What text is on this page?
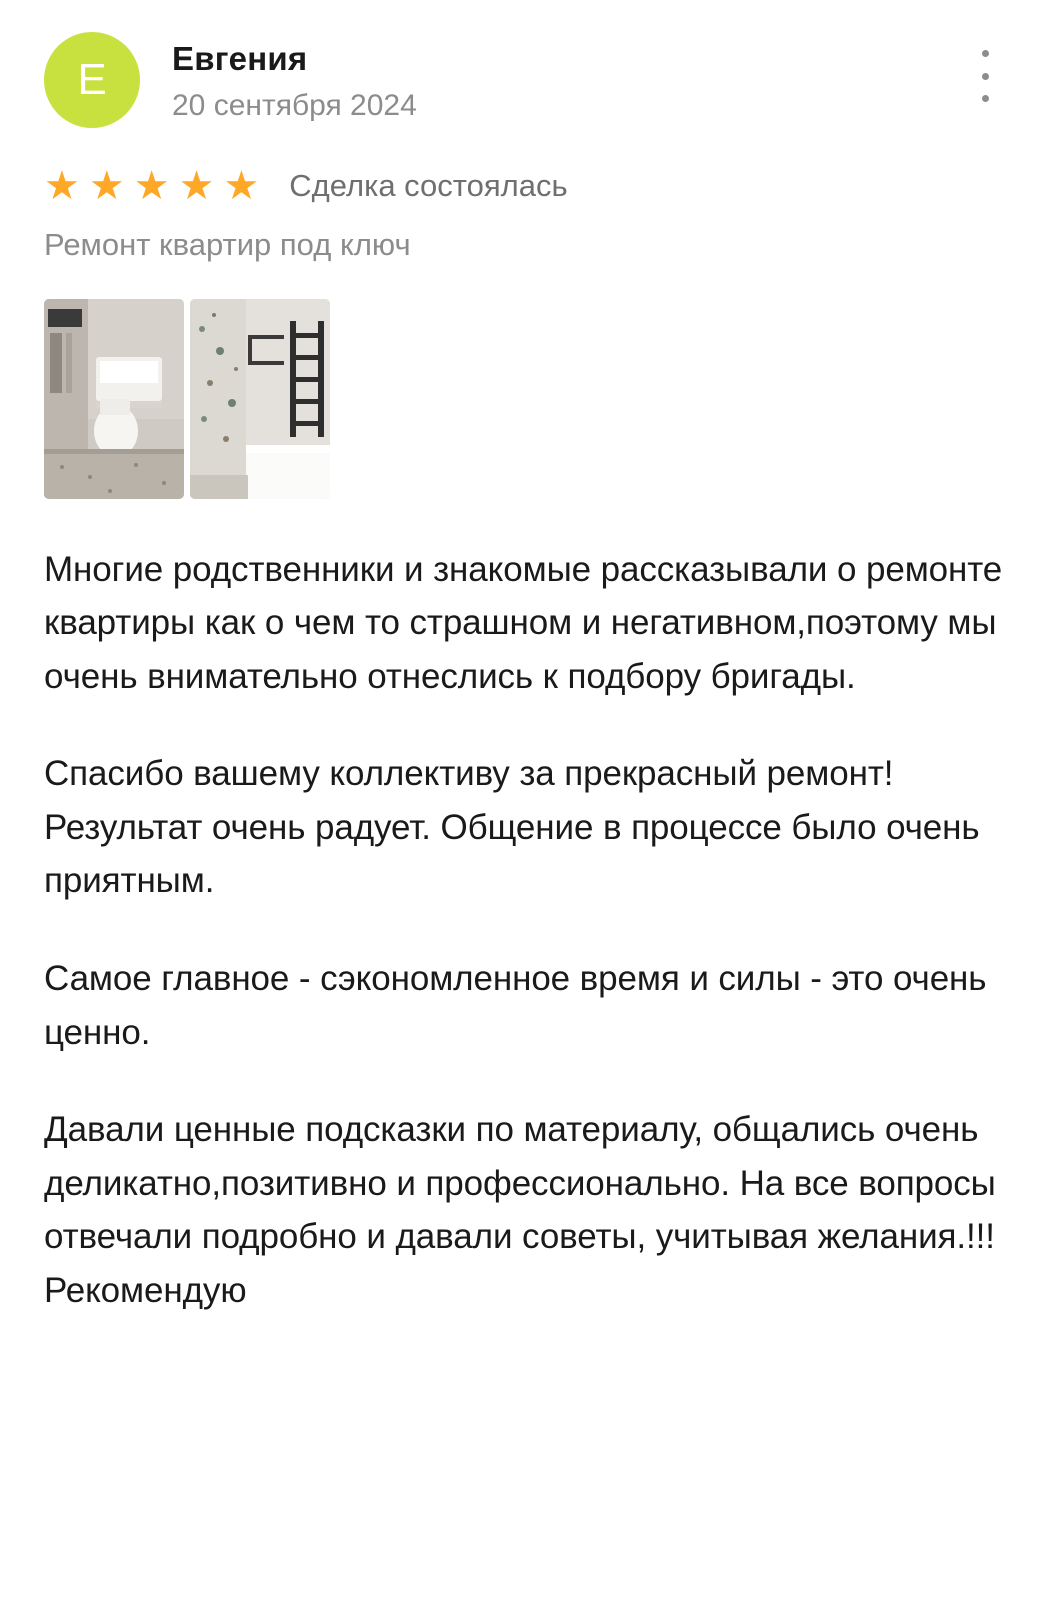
Е	Евгения
20 сентября 2024
★ ★ ★ ★ ★ Сделка состоялась
Ремонт квартир под ключ

Многие родственники и знакомые рассказывали о ремонте квартиры как о чем то страшном и негативном,поэтому мы очень внимательно отнеслись к подбору бригады.

Спасибо вашему коллективу за прекрасный ремонт! Результат очень радует. Общение в процессе было очень приятным.

Самое главное - сэкономленное время и силы - это очень ценно.

Давали ценные подсказки по материалу, общались очень деликатно,позитивно и профессионально. На все вопросы отвечали подробно и давали советы, учитывая желания.!!! Рекомендую
